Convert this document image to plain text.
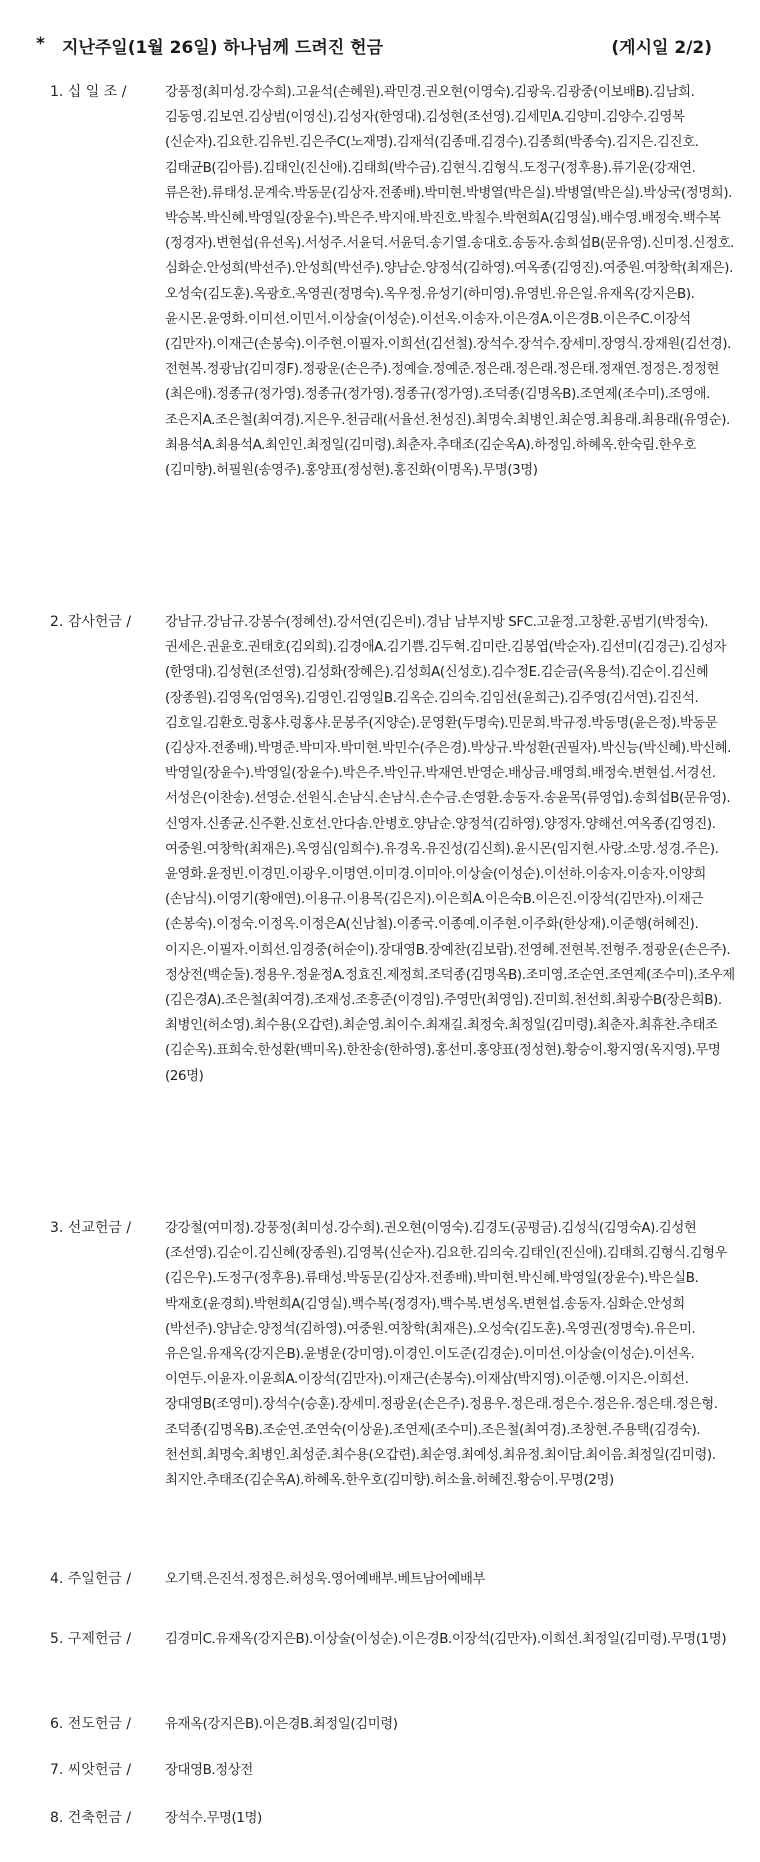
* 지난주일(1월 26일) 하나님께 드려진 헌금	(게시일 2/2)
1. 십 일 조 /	강풍정(최미성.강수희).고윤석(손혜원).곽민경.권오현(이영숙).김광욱.김광중(이보배B).김남희.김동영.김보연.김상범(이영신).김성자(한영대).김성현(조선영).김세민A.김양미.김양수.김영복(신순자).김요한.김유빈.김은주C(노재명).김재석(김종매.김경수).김종희(박종숙).김지은.김진호.김태균B(김아름).김태인(진신애).김태희(박수금).김현식.김형식.도정구(정후용).류기운(강재연.류은찬).류태성.문계숙.박동문(김상자.전종배).박미현.박병열(박은실).박병열(박은실).박상국(정명희).박승복.박신혜.박영일(장윤수).박은주.박지애.박진호.박칠수.박현희A(김영실).배수영.배정숙.백수복(정경자).변현섭(유선옥).서성주.서윤덕.서윤덕.송기열.송대호.송동자.송희섭B(문유영).신미정.신정호.심화순.안성희(박선주).안성희(박선주).양남순.양정석(김하영).여옥종(김영진).여중원.여창학(최재은).오성숙(김도훈).옥광호.옥영권(정명숙).옥우정.유성기(하미영).유영빈.유은일.유재옥(강지은B).윤시몬.윤영화.이미선.이민서.이상술(이성순).이선옥.이송자.이은경A.이은경B.이은주C.이장석(김만자).이재근(손봉숙).이주현.이필자.이희선(김선철).장석수.장석수.장세미.장영식.장재원(김선경).전현복.정광남(김미경F).정광운(손은주).정예슬.정예준.정은래.정은래.정은태.정재연.정정은.정정현(최은애).정종규(정가영).정종규(정가영).정종규(정가영).조덕종(김명옥B).조연제(조수미).조영애.조은지A.조은철(최여경).지은우.천금래(서율선.천성진).최명숙.최병인.최순영.최용래.최용래(유영순).최용석A.최용석A.최인인.최정일(김미령).최춘자.추태조(김순옥A).하정임.하혜옥.한숙림.한우호(김미향).허필원(송영주).홍양표(정성현).홍진화(이명옥).무명(3명)
2. 감사헌금 /	강남규.강남규.강봉수(정혜선).강서연(김은비).경남 남부지방 SFC.고윤정.고창환.공범기(박정숙).권세은.권윤호.권태호(김외희).김경애A.김기쁨.김두혁.김미란.김봉엽(박순자).김선미(김경근).김성자(한영대).김성현(조선영).김성화(장혜은).김성희A(신성호).김수정E.김순금(옥용석).김순이.김신혜(장종원).김영옥(엄영옥).김영인.김영일B.김옥순.김의숙.김임선(윤희근).김주영(김서연).김진석.김호일.김환호.렁홍샤.렁홍샤.문봉주(지양순).문영환(두명숙).민문희.박규정.박동명(윤은정).박동문(김상자.전종배).박명준.박미자.박미현.박민수(주은경).박상규.박성환(권필자).박신능(박신혜).박신혜.박영일(장윤수).박영일(장윤수).박은주.박인규.박재연.반영순.배상금.배영희.배정숙.변현섭.서경선.서성은(이찬송).선영순.선원식.손남식.손남식.손수금.손영환.송동자.송윤목(류영업).송희섭B(문유영).신영자.신종균.신주환.신호선.안다솜.안병호.양남순.양정석(김하영).양정자.양해선.여옥종(김영진).여중원.여창학(최재은).옥영심(임희수).유경옥.유진성(김신희).윤시몬(임지현.사랑.소망.성경.주은).윤영화.윤정빈.이경민.이광우.이명연.이미경.이미아.이상술(이성순).이선하.이송자.이송자.이양희(손남식).이영기(황애연).이용규.이용목(김은지).이은희A.이은숙B.이은진.이장석(김만자).이재근(손봉숙).이정숙.이정옥.이정은A(신남철).이종국.이종예.이주현.이주화(한상재).이준행(허혜진).이지은.이필자.이희선.임경중(허순이).장대영B.장예찬(김보람).전영혜.전현복.전형주.정광운(손은주).정상전(백순둘).정용우.정윤정A.정효진.제정희.조덕종(김명옥B).조미영.조순연.조연제(조수미).조우제(김은경A).조은철(최여경).조재성.조흥준(이경임).주영만(최영임).진미희.천선희.최광수B(장은희B).최병인(허소영).최수용(오갑련).최순영.최이수.최재길.최정숙.최정일(김미령).최춘자.최휴찬.추태조(김순옥).표희숙.한성환(백미옥).한찬송(한하영).홍선미.홍양표(정성현).황승이.황지영(옥지영).무명(26명)
3. 선교헌금 /	강강철(여미정).강풍정(최미성.강수희).권오현(이영숙).김경도(공평금).김성식(김영숙A).김성현(조선영).김순이.김신혜(장종원).김영복(신순자).김요한.김의숙.김태인(진신애).김태희.김형식.김형우(김은우).도정구(정후용).류태성.박동문(김상자.전종배).박미현.박신혜.박영일(장윤수).박은실B.박재호(윤경희).박현희A(김영실).백수복(정경자).백수복.변성옥.변현섭.송동자.심화순.안성희(박선주).양남순.양정석(김하영).여중원.여창학(최재은).오성숙(김도훈).옥영권(정명숙).유은미.유은일.유재옥(강지은B).윤병운(강미영).이경인.이도준(김경순).이미선.이상술(이성순).이선옥.이연두.이윤자.이윤희A.이장석(김만자).이재근(손봉숙).이재삼(박지영).이준행.이지은.이희선.장대영B(조영미).장석수(승훈).장세미.정광운(손은주).정용우.정은래.정은수.정은유.정은태.정은형.조덕종(김명옥B).조순연.조연숙(이상윤).조연제(조수미).조은철(최여경).조창현.주용택(김경숙).천선희.최명숙.최병인.최성준.최수용(오갑련).최순영.최예성.최유정.최이담.최이음.최정일(김미령).최지안.추태조(김순옥A).하혜옥.한우호(김미향).허소율.허혜진.황승이.무명(2명)
4. 주일헌금 /	오기택.은진석.정정은.허성욱.영어예배부.베트남어예배부
5. 구제헌금 /	김경미C.유재옥(강지은B).이상술(이성순).이은경B.이장석(김만자).이희선.최정일(김미령).무명(1명)
6. 전도헌금 /	유재옥(강지은B).이은경B.최정일(김미령)
7. 씨앗헌금 /	장대영B.정상전
8. 건축헌금 /	장석수.무명(1명)
